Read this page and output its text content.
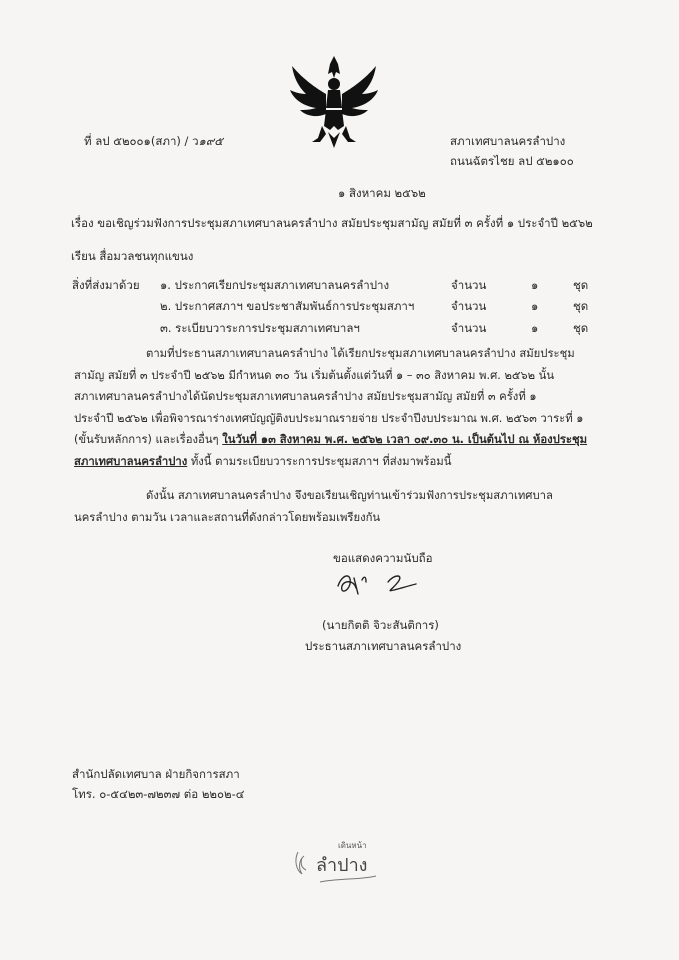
ที่ ลป ๕๒๐๐๑(สภา) / ว๑๙๕	สภาเทศบาลนครลำปาง
ถนนฉัตรไชย ลป ๕๒๑๐๐
๑ สิงหาคม ๒๕๖๒
เรื่อง ขอเชิญร่วมฟังการประชุมสภาเทศบาลนครลำปาง สมัยประชุมสามัญ สมัยที่ ๓ ครั้งที่ ๑ ประจำปี ๒๕๖๒
เรียน สื่อมวลชนทุกแขนง
สิ่งที่ส่งมาด้วย ๑. ประกาศเรียกประชุมสภาเทศบาลนครลำปาง	จำนวน	๑	ชุด
๒. ประกาศสภาฯ ขอประชาสัมพันธ์การประชุมสภาฯ	จำนวน	๑	ชุด
๓. ระเบียบวาระการประชุมสภาเทศบาลฯ	จำนวน	๑	ชุด
ตามที่ประธานสภาเทศบาลนครลำปาง ได้เรียกประชุมสภาเทศบาลนครลำปาง สมัยประชุม
สามัญ สมัยที่ ๓ ประจำปี ๒๕๖๒ มีกำหนด ๓๐ วัน เริ่มต้นตั้งแต่วันที่ ๑ – ๓๐ สิงหาคม พ.ศ. ๒๕๖๒ นั้น
สภาเทศบาลนครลำปางได้นัดประชุมสภาเทศบาลนครลำปาง สมัยประชุมสามัญ สมัยที่ ๓ ครั้งที่ ๑
ประจำปี ๒๕๖๒ เพื่อพิจารณาร่างเทศบัญญัติงบประมาณรายจ่าย ประจำปีงบประมาณ พ.ศ. ๒๕๖๓ วาระที่ ๑
(ขั้นรับหลักการ) และเรื่องอื่นๆ ในวันที่ ๑๓ สิงหาคม พ.ศ. ๒๕๖๒ เวลา ๐๙.๓๐ น. เป็นต้นไป ณ ห้องประชุม
สภาเทศบาลนครลำปาง ทั้งนี้ ตามระเบียบวาระการประชุมสภาฯ ที่ส่งมาพร้อมนี้
ดังนั้น สภาเทศบาลนครลำปาง จึงขอเรียนเชิญท่านเข้าร่วมฟังการประชุมสภาเทศบาล
นครลำปาง ตามวัน เวลาและสถานที่ดังกล่าวโดยพร้อมเพรียงกัน
ขอแสดงความนับถือ
(นายกิตติ จิวะสันติการ)
ประธานสภาเทศบาลนครลำปาง
สำนักปลัดเทศบาล ฝ่ายกิจการสภา
โทร. ๐-๕๔๒๓-๗๒๓๗ ต่อ ๒๒๐๒-๔
เดินหน้า
ลำปาง
